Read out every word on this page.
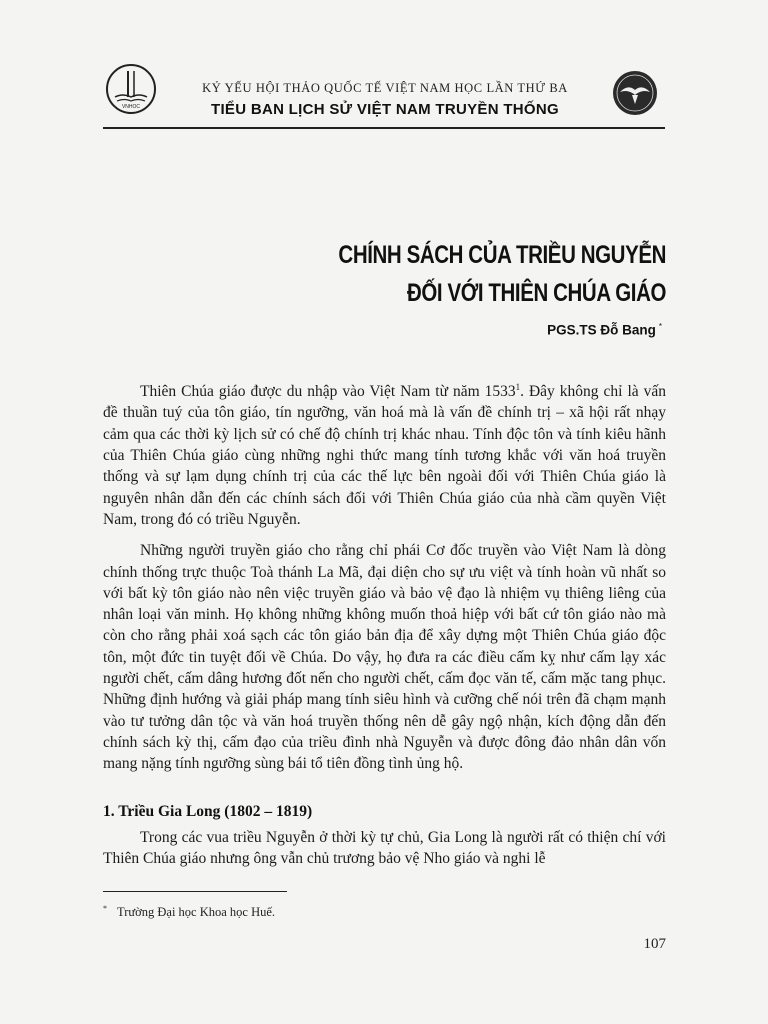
VNHOC
KỶ YẾU HỘI THẢO QUỐC TẾ VIỆT NAM HỌC LẦN THỨ BA
TIỂU BAN LỊCH SỬ VIỆT NAM TRUYỀN THỐNG
CHÍNH SÁCH CỦA TRIỀU NGUYỄN
ĐỐI VỚI THIÊN CHÚA GIÁO
PGS.TS Đỗ Bang *

Thiên Chúa giáo được du nhập vào Việt Nam từ năm 1533$^1$. Đây không chỉ là vấn đề thuần tuý của tôn giáo, tín ngưỡng, văn hoá mà là vấn đề chính trị – xã hội rất nhạy cảm qua các thời kỳ lịch sử có chế độ chính trị khác nhau. Tính độc tôn và tính kiêu hãnh của Thiên Chúa giáo cùng những nghi thức mang tính tương khắc với văn hoá truyền thống và sự lạm dụng chính trị của các thế lực bên ngoài đối với Thiên Chúa giáo là nguyên nhân dẫn đến các chính sách đối với Thiên Chúa giáo của nhà cầm quyền Việt Nam, trong đó có triều Nguyễn.

Những người truyền giáo cho rằng chỉ phái Cơ đốc truyền vào Việt Nam là dòng chính thống trực thuộc Toà thánh La Mã, đại diện cho sự ưu việt và tính hoàn vũ nhất so với bất kỳ tôn giáo nào nên việc truyền giáo và bảo vệ đạo là nhiệm vụ thiêng liêng của nhân loại văn minh. Họ không những không muốn thoả hiệp với bất cứ tôn giáo nào mà còn cho rằng phải xoá sạch các tôn giáo bản địa để xây dựng một Thiên Chúa giáo độc tôn, một đức tin tuyệt đối về Chúa. Do vậy, họ đưa ra các điều cấm kỵ như cấm lạy xác người chết, cấm dâng hương đốt nến cho người chết, cấm đọc văn tế, cấm mặc tang phục. Những định hướng và giải pháp mang tính siêu hình và cưỡng chế nói trên đã chạm mạnh vào tư tưởng dân tộc và văn hoá truyền thống nên dễ gây ngộ nhận, kích động dẫn đến chính sách kỳ thị, cấm đạo của triều đình nhà Nguyễn và được đông đảo nhân dân vốn mang nặng tính ngưỡng sùng bái tổ tiên đồng tình ủng hộ.

1. Triều Gia Long (1802 – 1819)

Trong các vua triều Nguyễn ở thời kỳ tự chủ, Gia Long là người rất có thiện chí với Thiên Chúa giáo nhưng ông vẫn chủ trương bảo vệ Nho giáo và nghi lễ

* Trường Đại học Khoa học Huế.
107
